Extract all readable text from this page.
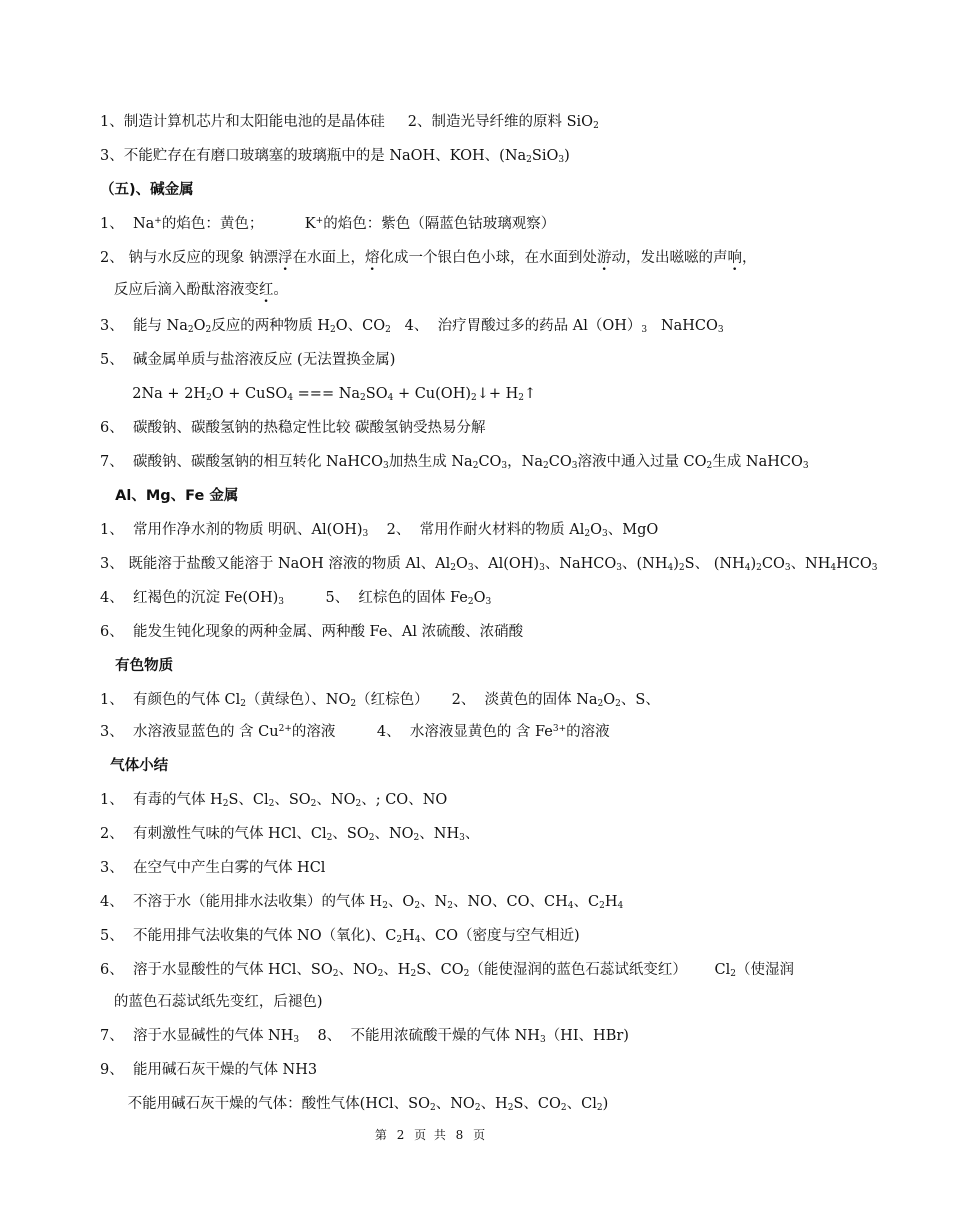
1、制造计算机芯片和太阳能电池的是晶体硅     2、制造光导纤维的原料 SiO$_2$
3、不能贮存在有磨口玻璃塞的玻璃瓶中的是 NaOH、KOH、$(Na_2SiO_3)$
（五)、碱金属
1、  Na+的焰色：黄色；         K+的焰色：紫色（隔蓝色钴玻璃观察）
2、 钠与水反应的现象 钠漂浮在水面上，熔化成一个银白色小球，在水面到处游动，发出嗞嗞的声响，
反应后滴入酚酞溶液变红。
3、  能与 $Na_2O_2$反应的两种物质 $H_2O$、$CO_2$   4、  治疗胃酸过多的药品 $Al(OH)_3$   NaHCO$_3$
5、  碱金属单质与盐溶液反应 (无法置换金属)
$2Na + 2H_2O$ + CuSO$_4$ === $Na_2SO_4$ + $Cu(OH)_2↓+$ $H_2↑$
6、  碳酸钠、碳酸氢钠的热稳定性比较 碳酸氢钠受热易分解
7、  碳酸钠、碳酸氢钠的相互转化 NaHCO$_3$加热生成 $Na_2CO_3$，$Na_2CO_3$溶液中通入过量 $CO_2$生成 NaHCO$_3$
Al、Mg、Fe 金属
1、  常用作净水剂的物质 明矾、$Al(OH)_3$    2、  常用作耐火材料的物质 $Al_2O_3$、MgO
3、 既能溶于盐酸又能溶于 NaOH 溶液的物质 Al、$Al_2O_3$、$Al(OH)_3$、NaHCO$_3$、$(NH_4)_2S$、 $(NH_4)_2CO_3$、$NH_4HCO_3$
4、  红褐色的沉淀 $Fe(OH)_3$         5、  红棕色的固体 $Fe_2O_3$
6、  能发生钝化现象的两种金属、两种酸 Fe、Al 浓硫酸、浓硝酸
有色物质
1、  有颜色的气体 $Cl_2$（黄绿色）、$NO_2$（红棕色）     2、  淡黄色的固体 $Na_2O_2$、S、
3、  水溶液显蓝色的 含 $Cu^{2+}$的溶液         4、  水溶液显黄色的 含 $Fe^{3+}$的溶液
气体小结
1、  有毒的气体 $H_2S$、$Cl_2$、$SO_2$、$NO_2$、; CO、NO
2、  有刺激性气味的气体 HCl、$Cl_2$、$SO_2$、$NO_2$、$NH_3$、
3、  在空气中产生白雾的气体 HCl
4、  不溶于水（能用排水法收集）的气体 $H_2$、$O_2$、$N_2$、NO、CO、$CH_4$、$C_2H_4$
5、  不能用排气法收集的气体 NO（氧化)、$C_2H_4$、CO（密度与空气相近)
6、  溶于水显酸性的气体 HCl、$SO_2$、$NO_2$、$H_2S$、$CO_2$（能使湿润的蓝色石蕊试纸变红）      $Cl_2$（使湿润
的蓝色石蕊试纸先变红，后褪色)
7、  溶于水显碱性的气体 $NH_3$    8、  不能用浓硫酸干燥的气体 $NH_3(HI$、HBr)
9、  能用碱石灰干燥的气体 NH3
不能用碱石灰干燥的气体：酸性气体(HCl、$SO_2$、$NO_2$、$H_2S$、$CO_2$、$Cl_2$)
第 2 页 共 8 页
